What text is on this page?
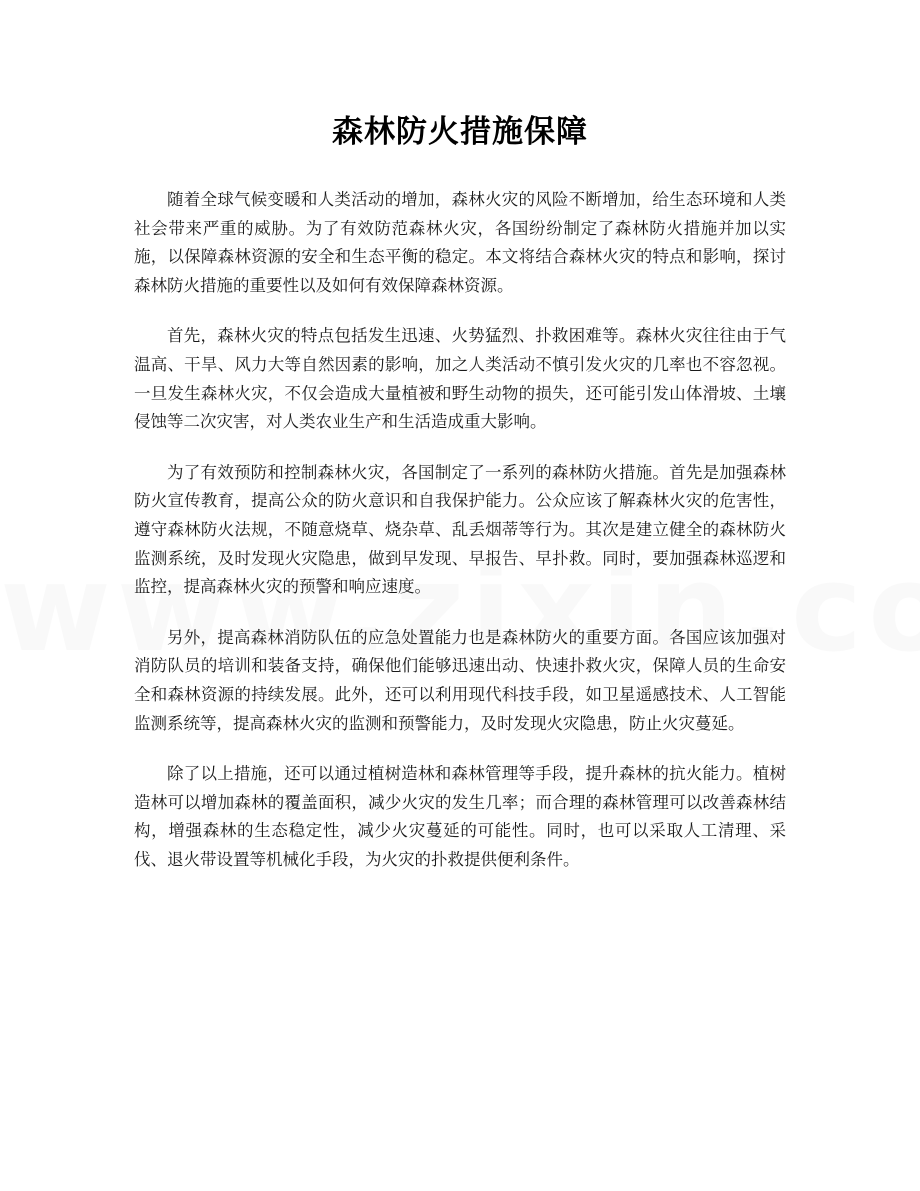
森林防火措施保障

随着全球气候变暖和人类活动的增加，森林火灾的风险不断增加，给生态环境和人类社会带来严重的威胁。为了有效防范森林火灾，各国纷纷制定了森林防火措施并加以实施，以保障森林资源的安全和生态平衡的稳定。本文将结合森林火灾的特点和影响，探讨森林防火措施的重要性以及如何有效保障森林资源。

首先，森林火灾的特点包括发生迅速、火势猛烈、扑救困难等。森林火灾往往由于气温高、干旱、风力大等自然因素的影响，加之人类活动不慎引发火灾的几率也不容忽视。一旦发生森林火灾，不仅会造成大量植被和野生动物的损失，还可能引发山体滑坡、土壤侵蚀等二次灾害，对人类农业生产和生活造成重大影响。

为了有效预防和控制森林火灾，各国制定了一系列的森林防火措施。首先是加强森林防火宣传教育，提高公众的防火意识和自我保护能力。公众应该了解森林火灾的危害性，遵守森林防火法规，不随意烧草、烧杂草、乱丢烟蒂等行为。其次是建立健全的森林防火监测系统，及时发现火灾隐患，做到早发现、早报告、早扑救。同时，要加强森林巡逻和监控，提高森林火灾的预警和响应速度。

另外，提高森林消防队伍的应急处置能力也是森林防火的重要方面。各国应该加强对消防队员的培训和装备支持，确保他们能够迅速出动、快速扑救火灾，保障人员的生命安全和森林资源的持续发展。此外，还可以利用现代科技手段，如卫星遥感技术、人工智能监测系统等，提高森林火灾的监测和预警能力，及时发现火灾隐患，防止火灾蔓延。

除了以上措施，还可以通过植树造林和森林管理等手段，提升森林的抗火能力。植树造林可以增加森林的覆盖面积，减少火灾的发生几率；而合理的森林管理可以改善森林结构，增强森林的生态稳定性，减少火灾蔓延的可能性。同时，也可以采取人工清理、采伐、退火带设置等机械化手段，为火灾的扑救提供便利条件。
